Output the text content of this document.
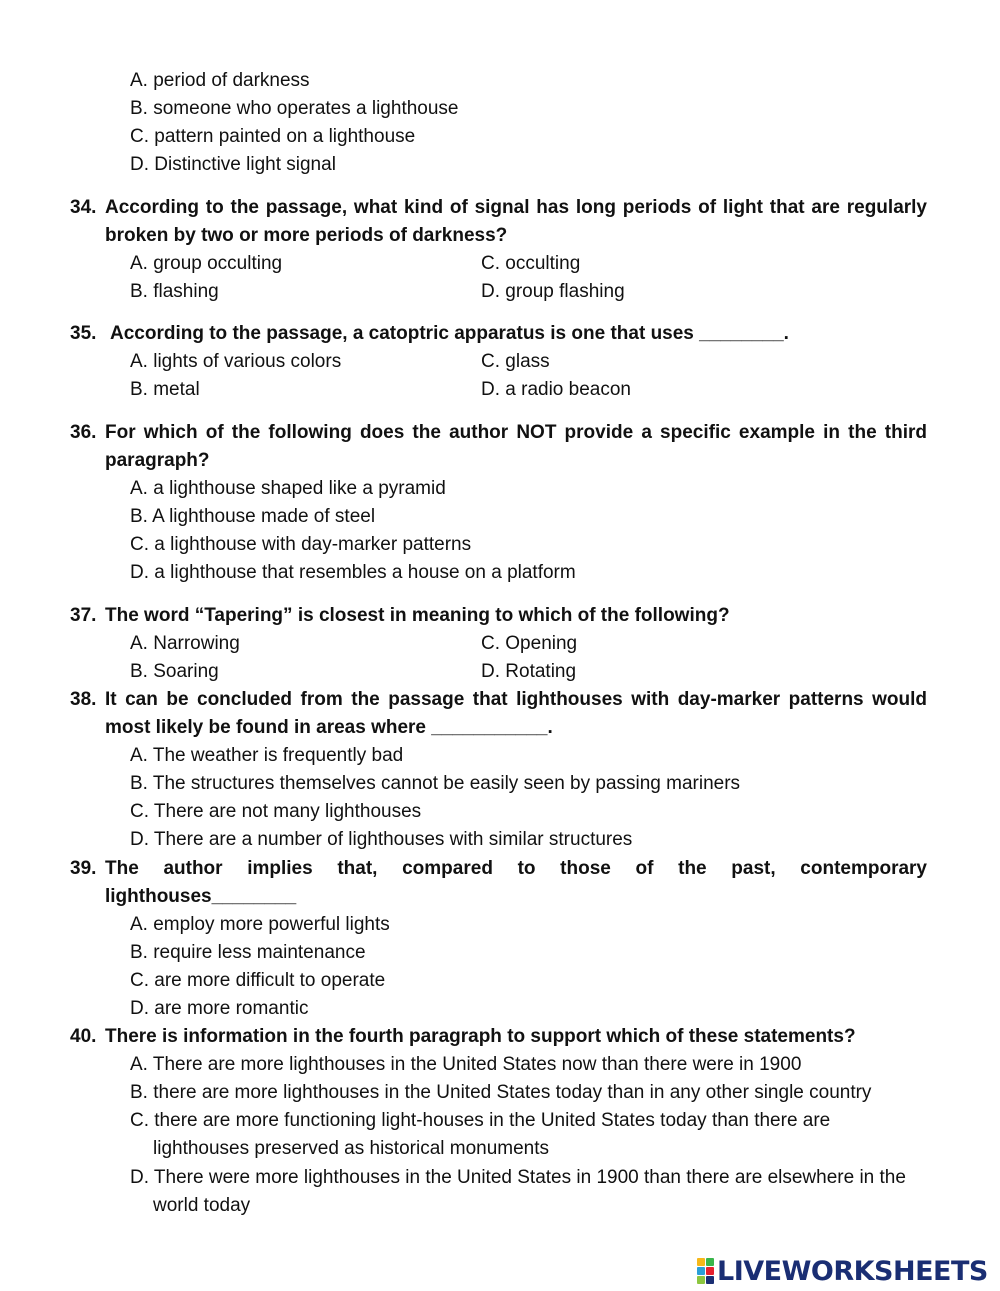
A. period of darkness
B. someone who operates a lighthouse
C. pattern painted on a lighthouse
D. Distinctive light signal
34. According to the passage, what kind of signal has long periods of light that are regularly broken by two or more periods of darkness?
A. group occulting	C. occulting
B. flashing	D. group flashing
35. According to the passage, a catoptric apparatus is one that uses ________.
A. lights of various colors	C. glass
B. metal	D. a radio beacon
36. For which of the following does the author NOT provide a specific example in the third paragraph?
A. a lighthouse shaped like a pyramid
B. A lighthouse made of steel
C. a lighthouse with day-marker patterns
D. a lighthouse that resembles a house on a platform
37. The word “Tapering” is closest in meaning to which of the following?
A. Narrowing	C. Opening
B. Soaring	D. Rotating
38. It can be concluded from the passage that lighthouses with day-marker patterns would most likely be found in areas where ___________.
A. The weather is frequently bad
B. The structures themselves cannot be easily seen by passing mariners
C. There are not many lighthouses
D. There are a number of lighthouses with similar structures
39. The author implies that, compared to those of the past, contemporary lighthouses________
A. employ more powerful lights
B. require less maintenance
C. are more difficult to operate
D. are more romantic
40. There is information in the fourth paragraph to support which of these statements?
A. There are more lighthouses in the United States now than there were in 1900
B. there are more lighthouses in the United States today than in any other single country
C. there are more functioning light-houses in the United States today than there are lighthouses preserved as historical monuments
D. There were more lighthouses in the United States in 1900 than there are elsewhere in the world today
LIVEWORKSHEETS
